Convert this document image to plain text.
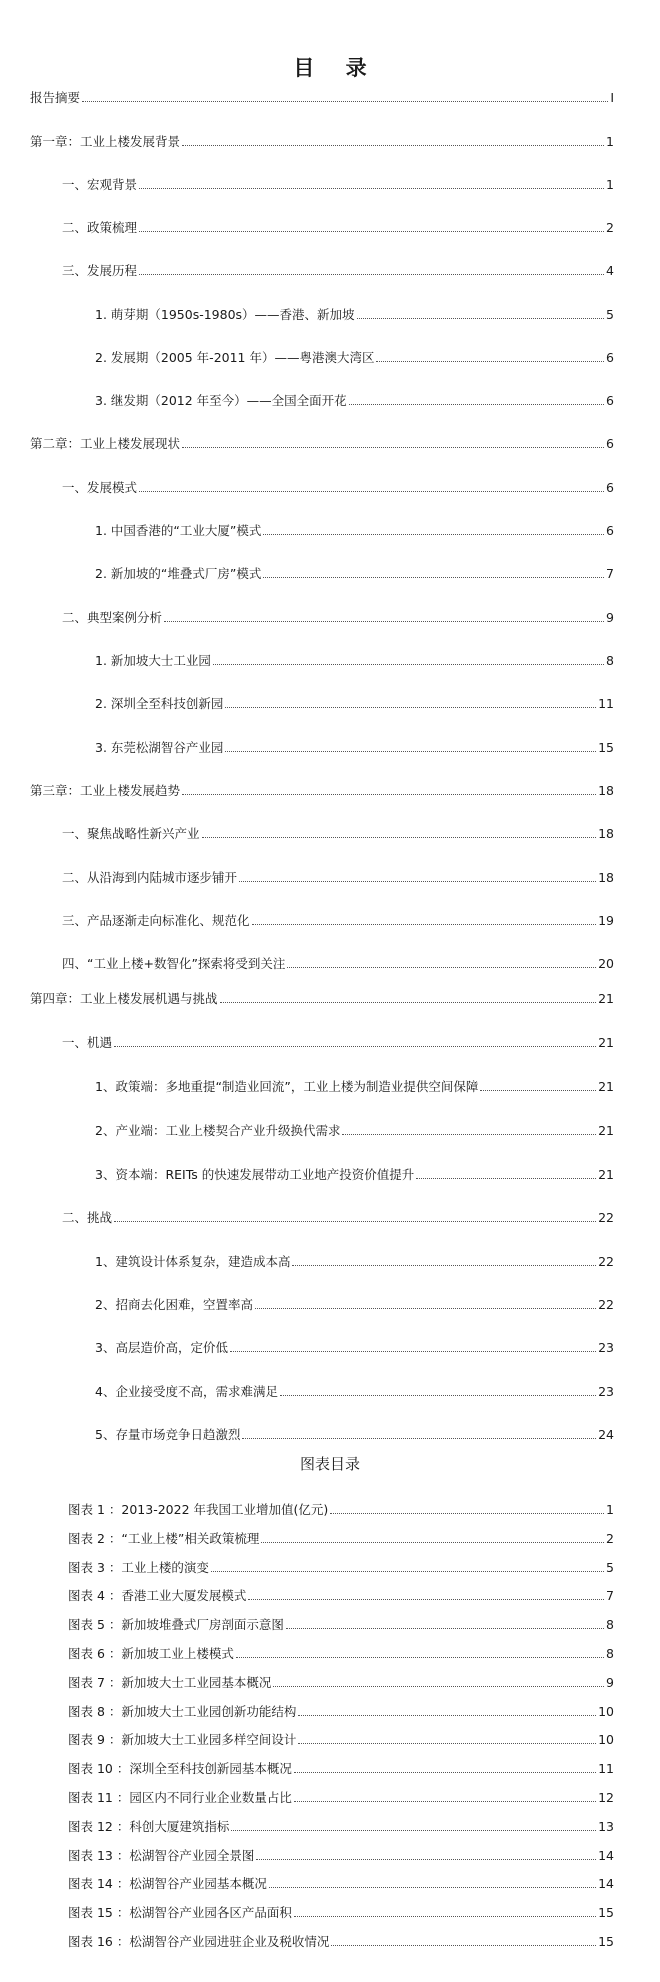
目 录
报告摘要	I
第一章：工业上楼发展背景	1
一、宏观背景	1
二、政策梳理	2
三、发展历程	4
1. 萌芽期（1950s-1980s）——香港、新加坡	5
2. 发展期（2005 年-2011 年）——粤港澳大湾区	6
3. 继发期（2012 年至今）——全国全面开花	6
第二章：工业上楼发展现状	6
一、发展模式	6
1. 中国香港的“工业大厦”模式	6
2. 新加坡的“堆叠式厂房”模式	7
二、典型案例分析	9
1. 新加坡大士工业园	8
2. 深圳全至科技创新园	11
3. 东莞松湖智谷产业园	15
第三章：工业上楼发展趋势	18
一、聚焦战略性新兴产业	18
二、从沿海到内陆城市逐步铺开	18
三、产品逐渐走向标准化、规范化	19
四、“工业上楼+数智化”探索将受到关注	20
第四章：工业上楼发展机遇与挑战	21
一、机遇	21
1、政策端：多地重提“制造业回流”，工业上楼为制造业提供空间保障	21
2、产业端：工业上楼契合产业升级换代需求	21
3、资本端：REITs 的快速发展带动工业地产投资价值提升	21
二、挑战	22
1、建筑设计体系复杂，建造成本高	22
2、招商去化困难，空置率高	22
3、高层造价高，定价低	23
4、企业接受度不高，需求难满足	23
5、存量市场竞争日趋激烈	24
图表目录
图表 1 ：2013-2022 年我国工业增加值(亿元)	1
图表 2 ：“工业上楼”相关政策梳理	2
图表 3 ：工业上楼的演变	5
图表 4 ：香港工业大厦发展模式	7
图表 5 ：新加坡堆叠式厂房剖面示意图	8
图表 6 ：新加坡工业上楼模式	8
图表 7 ：新加坡大士工业园基本概况	9
图表 8 ：新加坡大士工业园创新功能结构	10
图表 9 ：新加坡大士工业园多样空间设计	10
图表 10 ：深圳全至科技创新园基本概况	11
图表 11 ：园区内不同行业企业数量占比	12
图表 12 ：科创大厦建筑指标	13
图表 13 ：松湖智谷产业园全景图	14
图表 14 ：松湖智谷产业园基本概况	14
图表 15 ：松湖智谷产业园各区产品面积	15
图表 16 ：松湖智谷产业园进驻企业及税收情况	15
